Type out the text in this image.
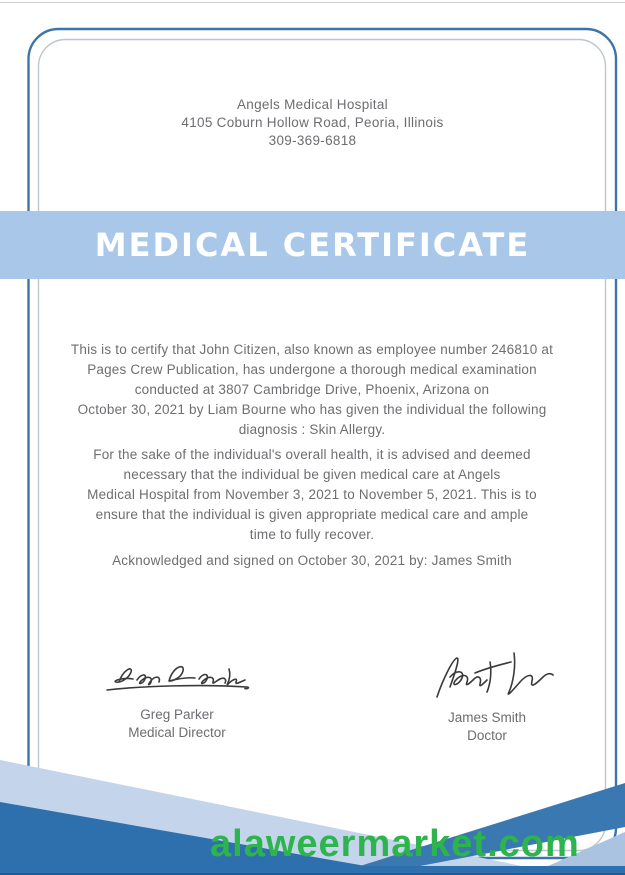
Angels Medical Hospital
4105 Coburn Hollow Road, Peoria, Illinois
309-369-6818
MEDICAL CERTIFICATE
This is to certify that John Citizen, also known as employee number 246810 at
Pages Crew Publication, has undergone a thorough medical examination
conducted at 3807 Cambridge Drive, Phoenix, Arizona on
October 30, 2021 by Liam Bourne who has given the individual the following
diagnosis : Skin Allergy.
For the sake of the individual's overall health, it is advised and deemed
necessary that the individual be given medical care at Angels
Medical Hospital from November 3, 2021 to November 5, 2021. This is to
ensure that the individual is given appropriate medical care and ample
time to fully recover.
Acknowledged and signed on October 30, 2021 by: James Smith
Greg Parker
Medical Director
James Smith
Doctor
alaweermarket.com
